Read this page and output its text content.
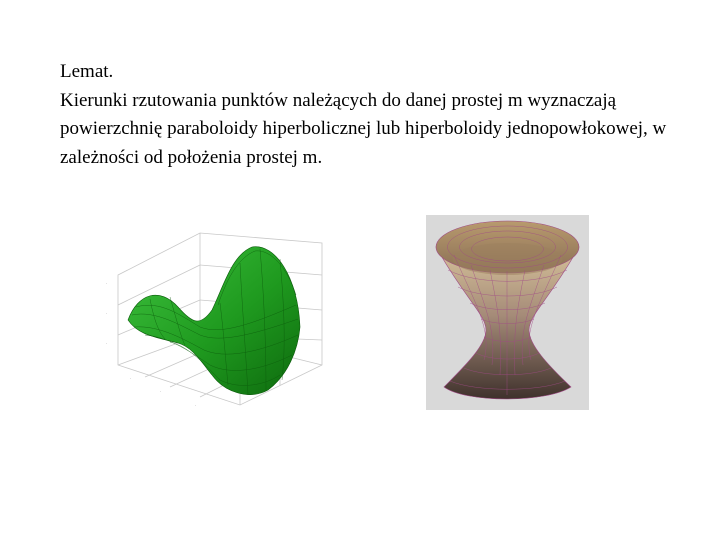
Lemat.

Kierunki rzutowania punktów należących do danej prostej m wyznaczają powierzchnię paraboloidy hiperbolicznej lub hiperboloidy jednopowłokowej, w zależności od położenia prostej m.

·
·
·
·
·
·
